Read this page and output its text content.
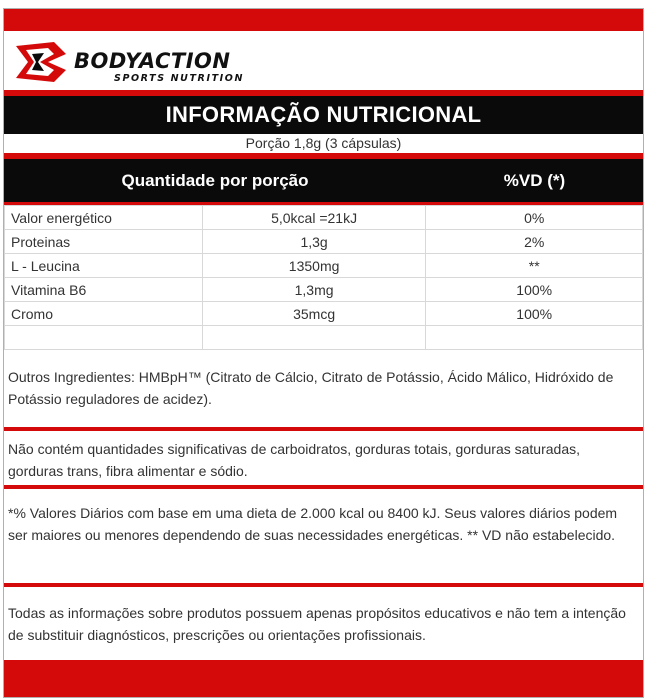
BODYACTION
SPORTS NUTRITION
INFORMAÇÃO NUTRICIONAL
Porção 1,8g (3 cápsulas)
Quantidade por porção	%VD (*)
Valor energético	5,0kcal =21kJ	0%
Proteinas	1,3g	2%
L - Leucina	1350mg	**
Vitamina B6	1,3mg	100%
Cromo	35mcg	100%

Outros Ingredientes: HMBpH™ (Citrato de Cálcio, Citrato de Potássio, Ácido Málico, Hidróxido de Potássio reguladores de acidez).
Não contém quantidades significativas de carboidratos, gorduras totais, gorduras saturadas, gorduras trans, fibra alimentar e sódio.
*% Valores Diários com base em uma dieta de 2.000 kcal ou 8400 kJ. Seus valores diários podem ser maiores ou menores dependendo de suas necessidades energéticas. ** VD não estabelecido.
Todas as informações sobre produtos possuem apenas propósitos educativos e não tem a intenção de substituir diagnósticos, prescrições ou orientações profissionais.
